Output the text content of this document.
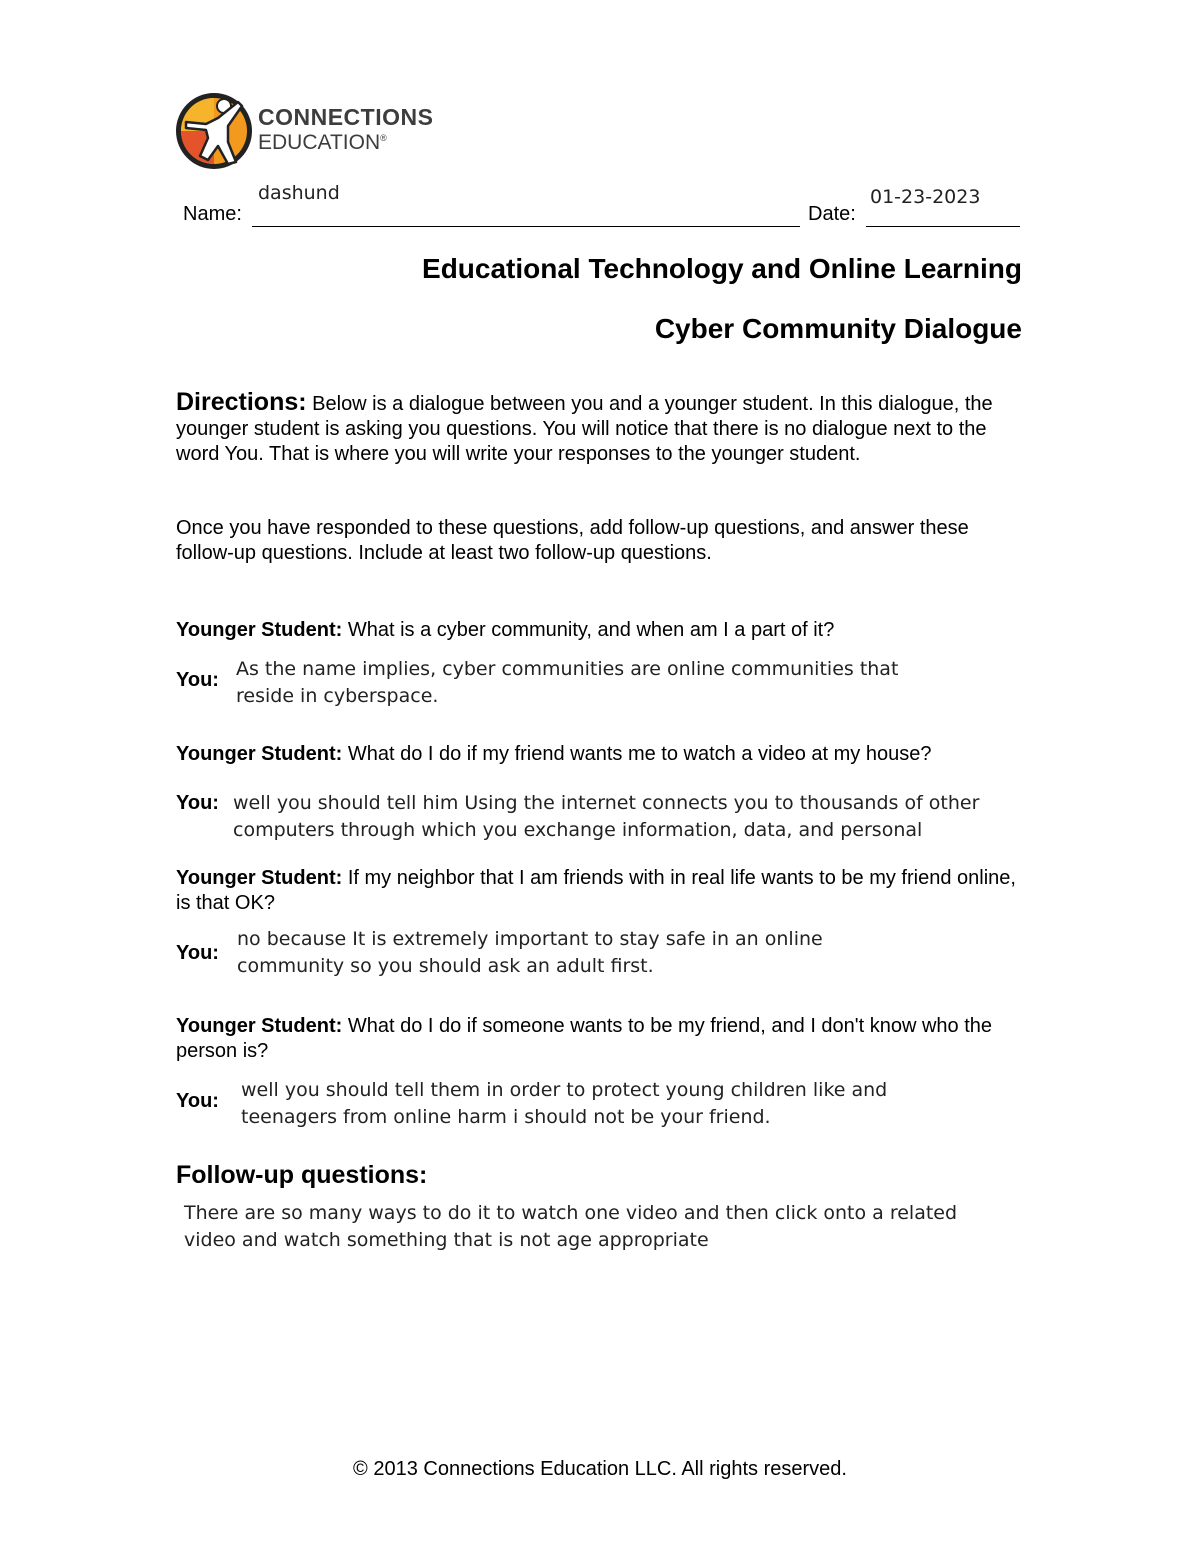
CONNECTIONS
EDUCATION®
dashund
Name:
01-23-2023
Date:
Educational Technology and Online Learning
Cyber Community Dialogue
Directions: Below is a dialogue between you and a younger student. In this dialogue, the younger student is asking you questions. You will notice that there is no dialogue next to the word You. That is where you will write your responses to the younger student.
Once you have responded to these questions, add follow-up questions, and answer these follow-up questions. Include at least two follow-up questions.
Younger Student: What is a cyber community, and when am I a part of it?
You: As the name implies, cyber communities are online communities that reside in cyberspace.
Younger Student: What do I do if my friend wants me to watch a video at my house?
You: well you should tell him Using the internet connects you to thousands of other computers through which you exchange information, data, and personal
Younger Student: If my neighbor that I am friends with in real life wants to be my friend online, is that OK?
You:
no because It is extremely important to stay safe in an online community so you should ask an adult first.
Younger Student: What do I do if someone wants to be my friend, and I don't know who the person is?
You: well you should tell them in order to protect young children like and teenagers from online harm i should not be your friend.
Follow-up questions:
There are so many ways to do it to watch one video and then click onto a related video and watch something that is not age appropriate
© 2013 Connections Education LLC. All rights reserved.
